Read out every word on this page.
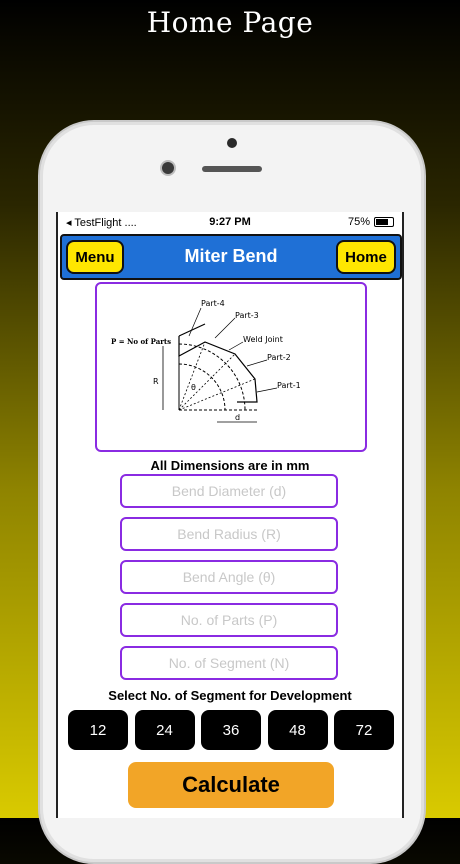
Home Page
◂ TestFlight ....	9:27 PM	75%
Menu	Miter Bend	Home
P = No of Parts
R
θ
d
Part-4
Part-3
Weld Joint
Part-2
Part-1
All Dimensions are in mm
Bend Diameter (d)
Bend Radius (R)
Bend Angle (θ)
No. of Parts (P)
No. of Segment (N)
Select No. of Segment for Development
12	24	36	48	72
Calculate
